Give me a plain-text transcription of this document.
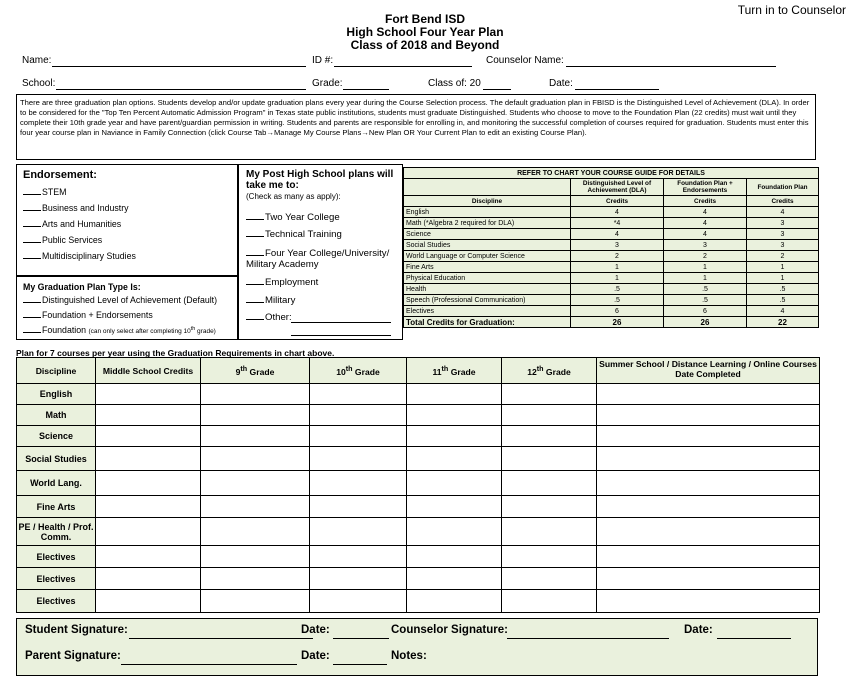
Turn in to Counselor
Fort Bend ISD
High School Four Year Plan
Class of 2018 and Beyond
Name:	ID #:	Counselor Name:
School:	Grade:	Class of: 20	Date:
There are three graduation plan options. Students develop and/or update graduation plans every year during the Course Selection process. The default graduation plan in FBISD is the Distinguished Level of Achievement (DLA). In order to be considered for the "Top Ten Percent Automatic Admission Program" in Texas state public institutions, students must graduate Distinguished. Students who choose to move to the Foundation Plan (22 credits) must wait until they complete their 10th grade year and have parent/guardian permission in writing. Students and parents are responsible for enrolling in, and monitoring the successful completion of courses required for graduation. Students must enter this four year course plan in Naviance in Family Connection (click Course Tab→Manage My Course Plans→New Plan OR Your Current Plan to edit an existing Course Plan).
Endorsement:
STEM
Business and Industry
Arts and Humanities
Public Services
Multidisciplinary Studies
My Graduation Plan Type Is:
Distinguished Level of Achievement (Default)
Foundation + Endorsements
Foundation (can only select after completing 10th grade)
My Post High School plans will take me to:
(Check as many as apply):
Two Year College
Technical Training
Four Year College/University/ Military Academy
Employment
Military
Other:
REFER TO CHART YOUR COURSE GUIDE FOR DETAILS			
	Distinguished Level of Achievement (DLA)	Foundation Plan + Endorsements	Foundation Plan
Discipline	Credits	Credits	Credits
English	4	4	4
Math (*Algebra 2 required for DLA)	*4	4	3
Science	4	4	3
Social Studies	3	3	3
World Language or Computer Science	2	2	2
Fine Arts	1	1	1
Physical Education	1	1	1
Health	.5	.5	.5
Speech (Professional Communication)	.5	.5	.5
Electives	6	6	4
Total Credits for Graduation:	26	26	22
Plan for 7 courses per year using the Graduation Requirements in chart above.
Discipline	Middle School Credits	9th Grade	10th Grade	11th Grade	12th Grade	Summer School / Distance Learning / Online Courses Date Completed
English						
Math						
Science						
Social Studies						
World Lang.						
Fine Arts						
PE / Health / Prof. Comm.						
Electives						
Electives						
Electives						
Student Signature:	Date:	Counselor Signature:	Date:
Parent Signature:	Date:	Notes:
